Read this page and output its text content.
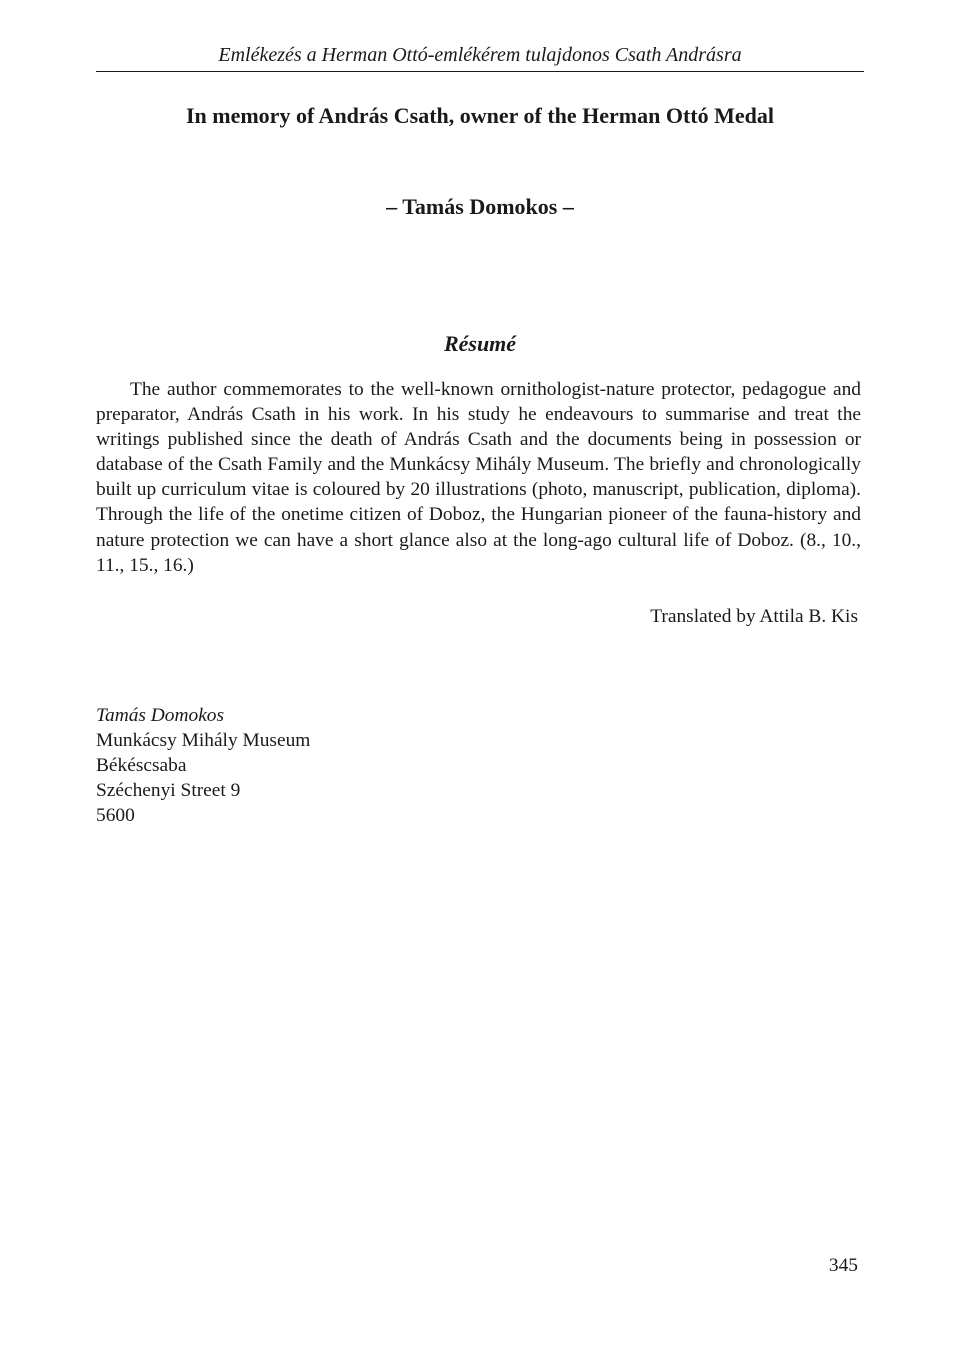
Emlékezés a Herman Ottó-emlékérem tulajdonos Csath Andrásra
In memory of András Csath, owner of the Herman Ottó Medal
– Tamás Domokos –
Résumé

The author commemorates to the well-known ornithologist-nature protector, pedagogue and preparator, András Csath in his work. In his study he endeavours to summarise and treat the writings published since the death of András Csath and the documents being in possession or database of the Csath Family and the Munkácsy Mihály Museum. The briefly and chronologically built up curriculum vitae is coloured by 20 illustrations (photo, manuscript, publication, diploma). Through the life of the onetime citizen of Doboz, the Hungarian pioneer of the fauna-history and nature protection we can have a short glance also at the long-ago cultural life of Doboz. (8., 10., 11., 15., 16.)

Translated by Attila B. Kis
Tamás Domokos
Munkácsy Mihály Museum
Békéscsaba
Széchenyi Street 9
5600
345
